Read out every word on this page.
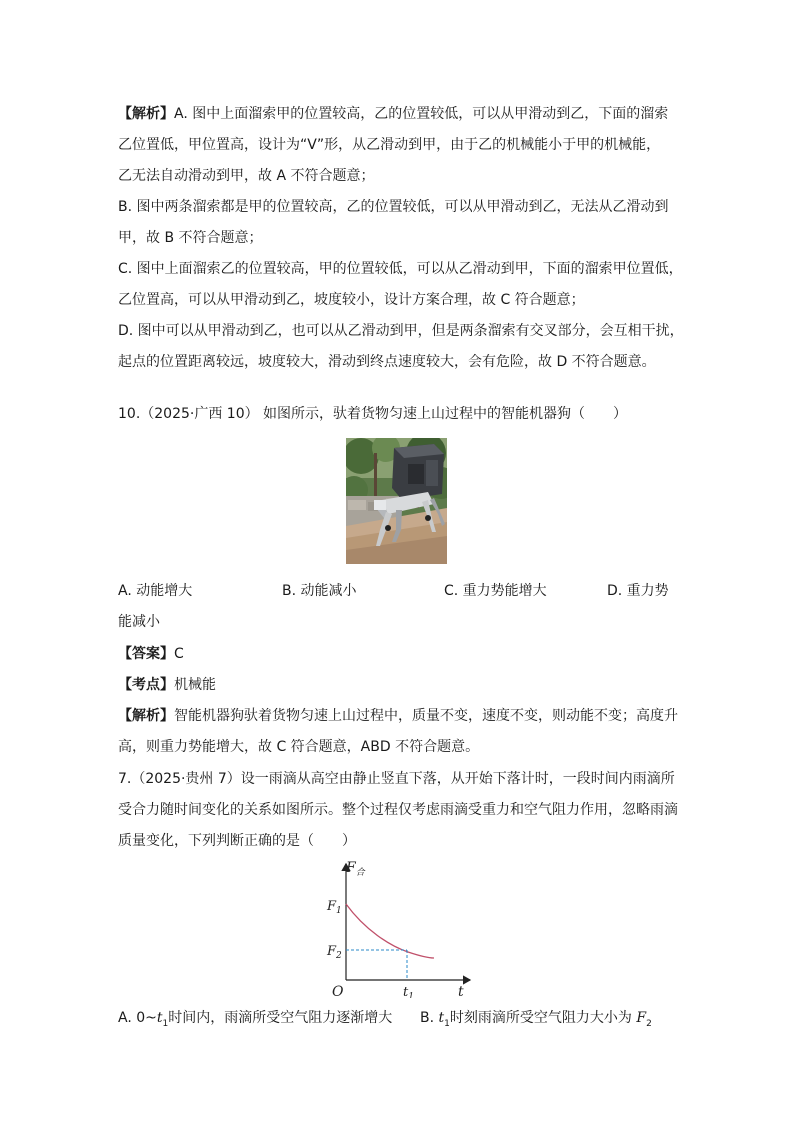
【解析】A. 图中上面溜索甲的位置较高，乙的位置较低，可以从甲滑动到乙，下面的溜索
乙位置低，甲位置高，设计为“V”形，从乙滑动到甲，由于乙的机械能小于甲的机械能，
乙无法自动滑动到甲，故 A 不符合题意；
B. 图中两条溜索都是甲的位置较高，乙的位置较低，可以从甲滑动到乙，无法从乙滑动到
甲，故 B 不符合题意；
C. 图中上面溜索乙的位置较高，甲的位置较低，可以从乙滑动到甲，下面的溜索甲位置低，
乙位置高，可以从甲滑动到乙，坡度较小，设计方案合理，故 C 符合题意；
D. 图中可以从甲滑动到乙，也可以从乙滑动到甲，但是两条溜索有交叉部分，会互相干扰，
起点的位置距离较远，坡度较大，滑动到终点速度较大，会有危险，故 D 不符合题意。
10.（2025·广西 10） 如图所示，驮着货物匀速上山过程中的智能机器狗（　　）
A. 动能增大	B. 动能减小	C. 重力势能增大	D. 重力势
能减小
【答案】C
【考点】机械能
【解析】智能机器狗驮着货物匀速上山过程中，质量不变，速度不变，则动能不变；高度升
高，则重力势能增大，故 C 符合题意，ABD 不符合题意。
7.（2025·贵州 7）设一雨滴从高空由静止竖直下落，从开始下落计时，一段时间内雨滴所
受合力随时间变化的关系如图所示。整个过程仅考虑雨滴受重力和空气阻力作用，忽略雨滴
质量变化，下列判断正确的是（　　）
$F_合$
t
O
$F_1$
$F_2$
$t_1$
A. $0\sim t_1$时间内，雨滴所受空气阻力逐渐增大 B. $t_1$时刻雨滴所受空气阻力大小为 $F_2$
